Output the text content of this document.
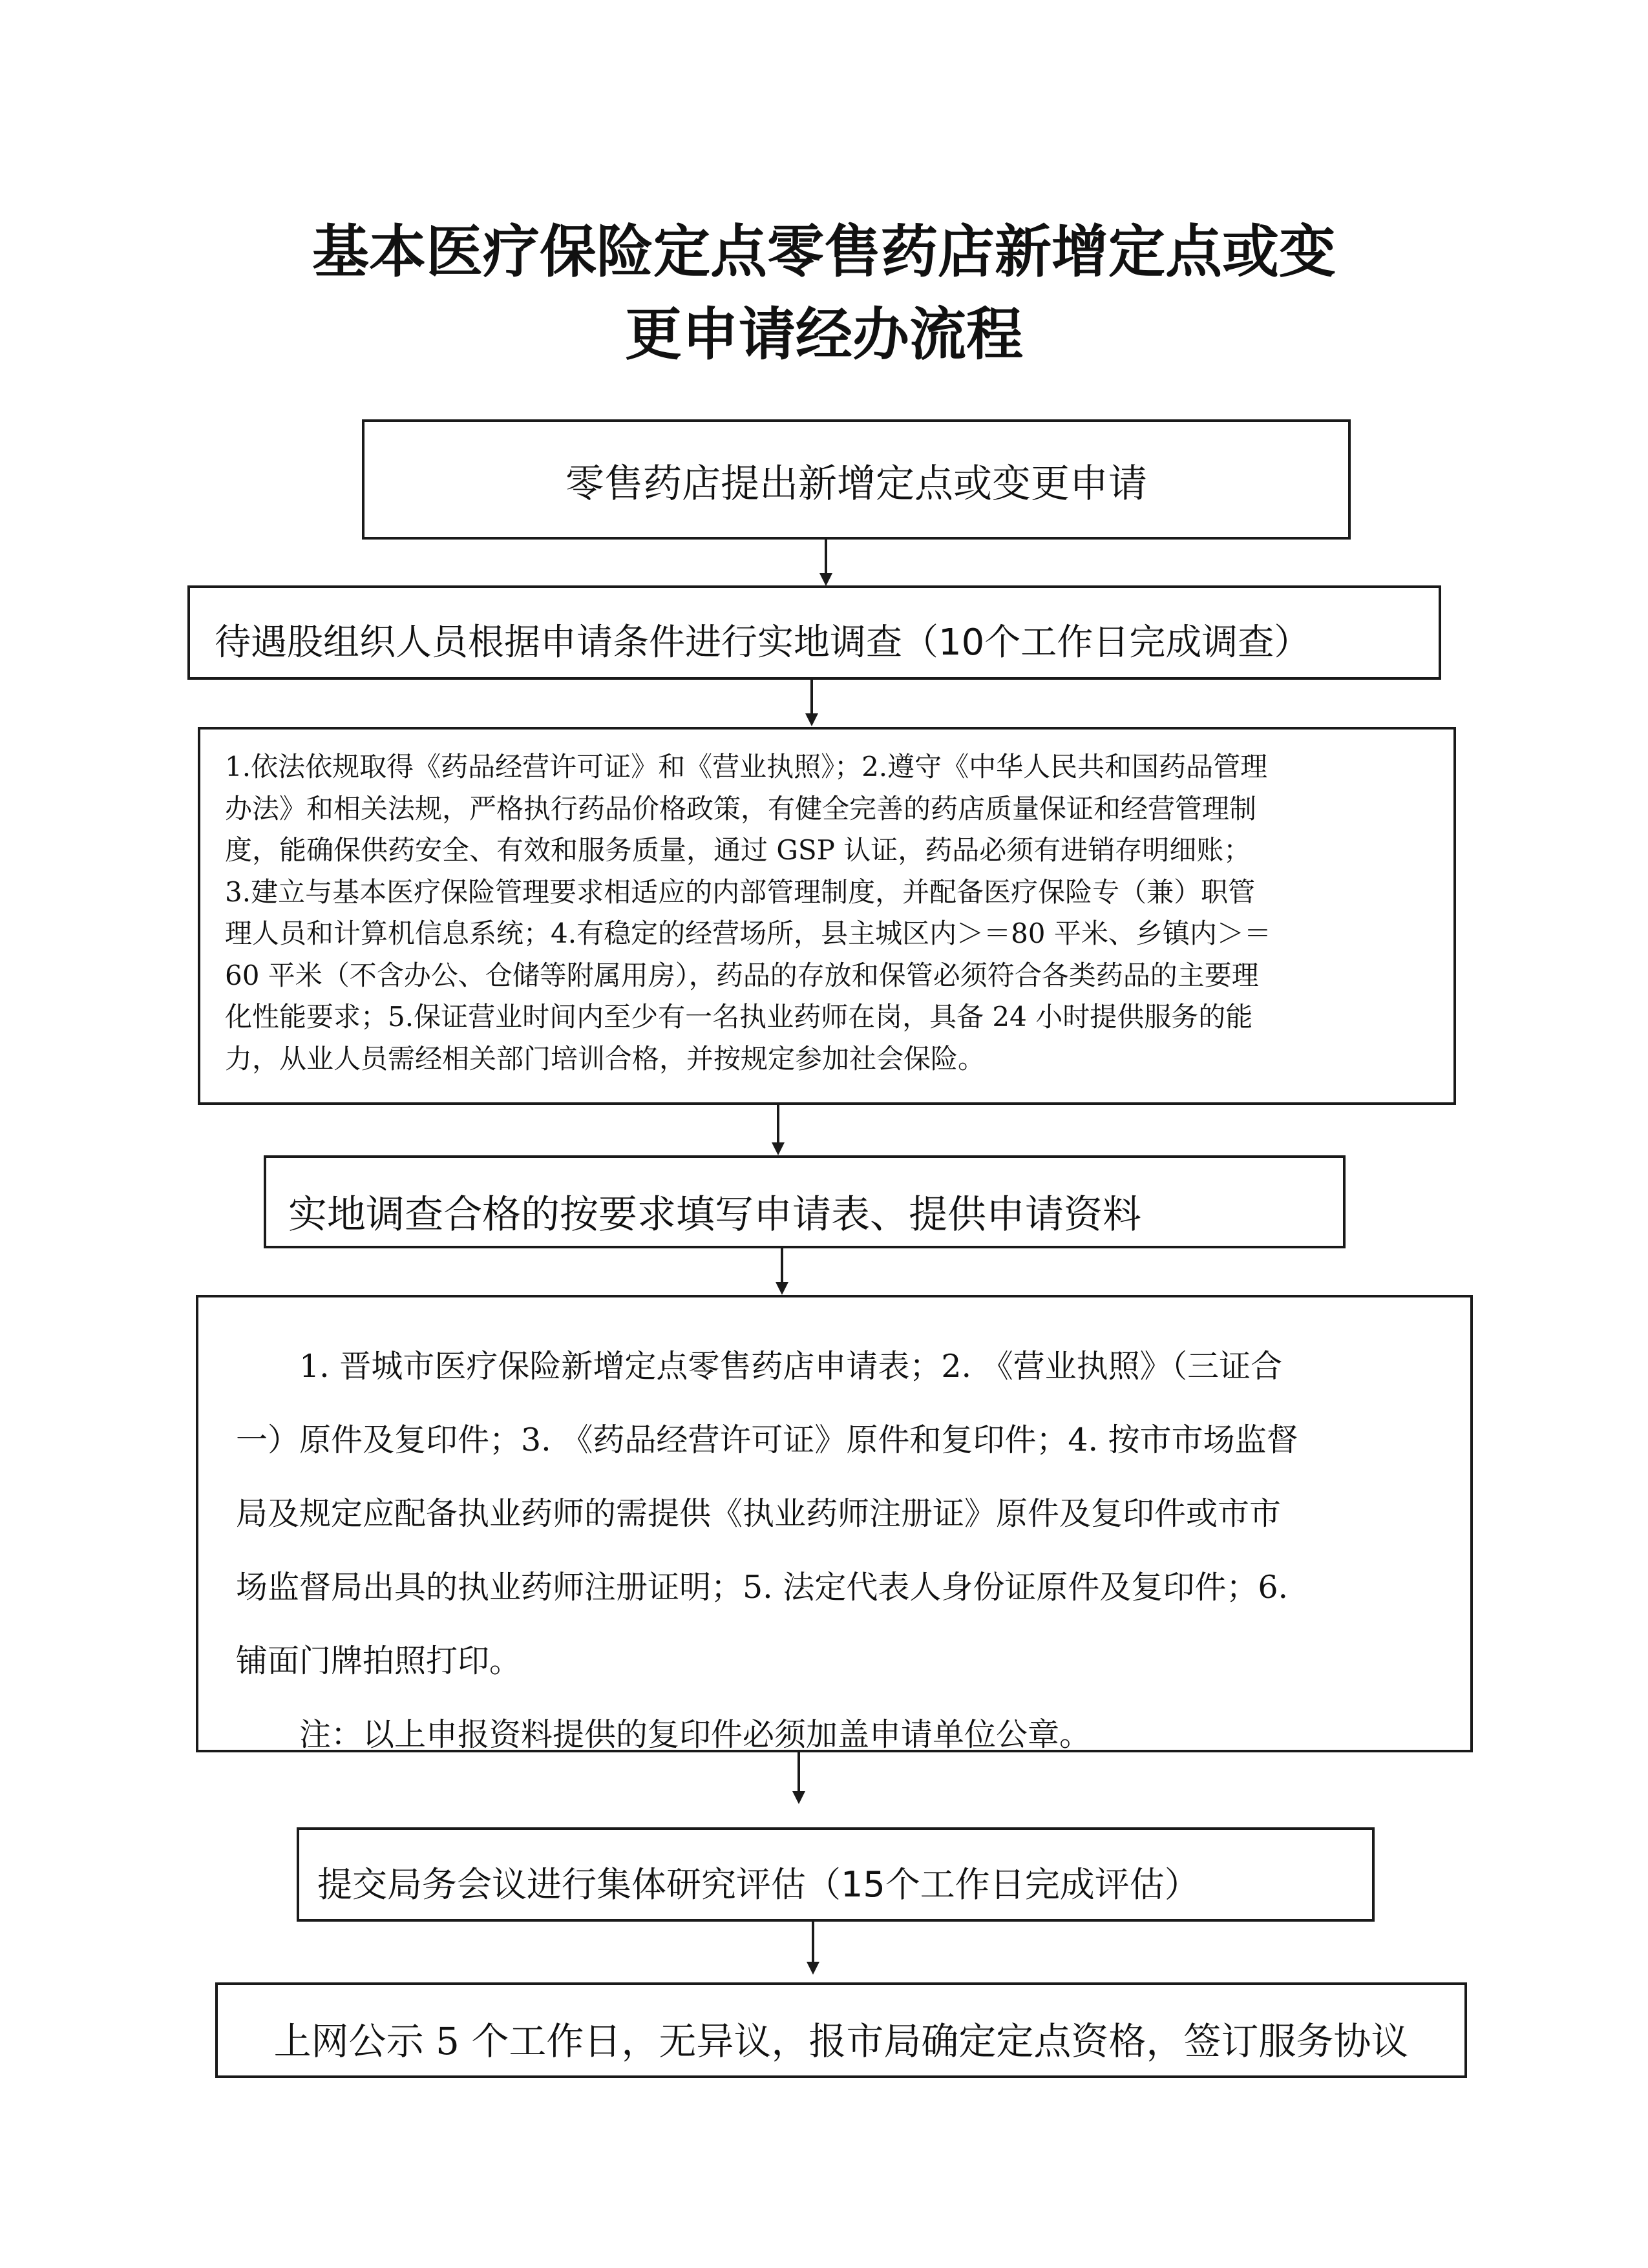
基本医疗保险定点零售药店新增定点或变
更申请经办流程
零售药店提出新增定点或变更申请
待遇股组织人员根据申请条件进行实地调查（10个工作日完成调查）

1.依法依规取得《药品经营许可证》和《营业执照》；2.遵守《中华人民共和国药品管理

办法》和相关法规，严格执行药品价格政策，有健全完善的药店质量保证和经营管理制

度，能确保供药安全、有效和服务质量，通过 GSP 认证，药品必须有进销存明细账；

3.建立与基本医疗保险管理要求相适应的内部管理制度，并配备医疗保险专（兼）职管

理人员和计算机信息系统；4.有稳定的经营场所，县主城区内＞＝80 平米、乡镇内＞＝

60 平米（不含办公、仓储等附属用房），药品的存放和保管必须符合各类药品的主要理

化性能要求；5.保证营业时间内至少有一名执业药师在岗，具备 24 小时提供服务的能

力，从业人员需经相关部门培训合格，并按规定参加社会保险。

实地调查合格的按要求填写申请表、提供申请资料

1. 晋城市医疗保险新增定点零售药店申请表；2. 《营业执照》（三证合

一）原件及复印件；3. 《药品经营许可证》原件和复印件；4. 按市市场监督

局及规定应配备执业药师的需提供《执业药师注册证》原件及复印件或市市

场监督局出具的执业药师注册证明；5. 法定代表人身份证原件及复印件；6.

铺面门牌拍照打印。

注：以上申报资料提供的复印件必须加盖申请单位公章。

提交局务会议进行集体研究评估（15个工作日完成评估）
上网公示 5 个工作日，无异议，报市局确定定点资格，签订服务协议
